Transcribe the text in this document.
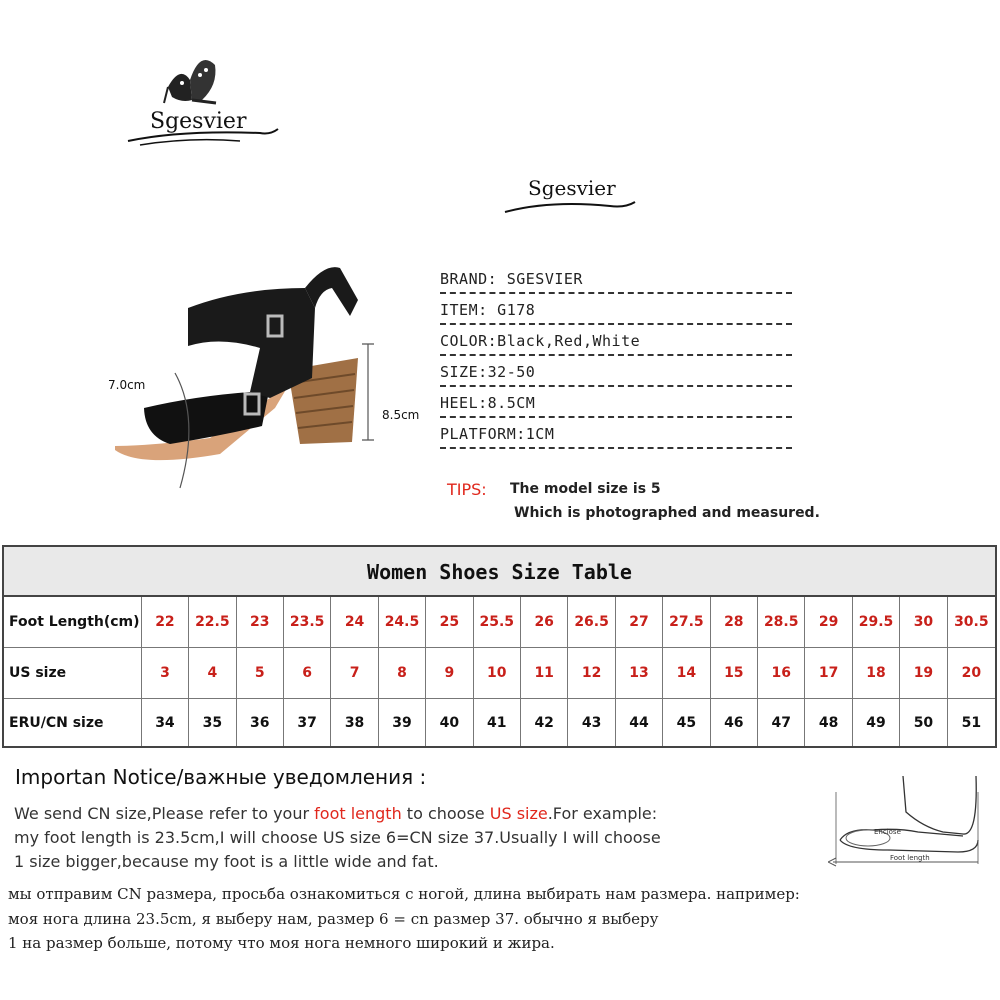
Sgesvier
Sgesvier
7.0cm
8.5cm
BRAND: SGESVIER
ITEM: G178
COLOR:Black,Red,White
SIZE:32-50
HEEL:8.5CM
PLATFORM:1CM
TIPS: The model size is 5
Which is photographed and measured.
Women Shoes Size Table
Foot Length(cm)	22	22.5	23	23.5	24	24.5	25	25.5	26	26.5	27	27.5	28	28.5	29	29.5	30	30.5
US size	3	4	5	6	7	8	9	10	11	12	13	14	15	16	17	18	19	20
ERU/CN size	34	35	36	37	38	39	40	41	42	43	44	45	46	47	48	49	50	51
Importan Notice/важные уведомления :
We send CN size,Please refer to your foot length to choose US size.For example:
my foot length is 23.5cm,I will choose US size 6=CN size 37.Usually I will choose
1 size bigger,because my foot is a little wide and fat.
мы отправим CN размера, просьба ознакомиться с ногой, длина выбирать нам размера. например:
моя нога длина 23.5cm, я выберу нам, размер 6 = cn размер 37. обычно я выберу
1 на размер больше, потому что моя нога немного широкий и жира.
Enclose
Foot length
